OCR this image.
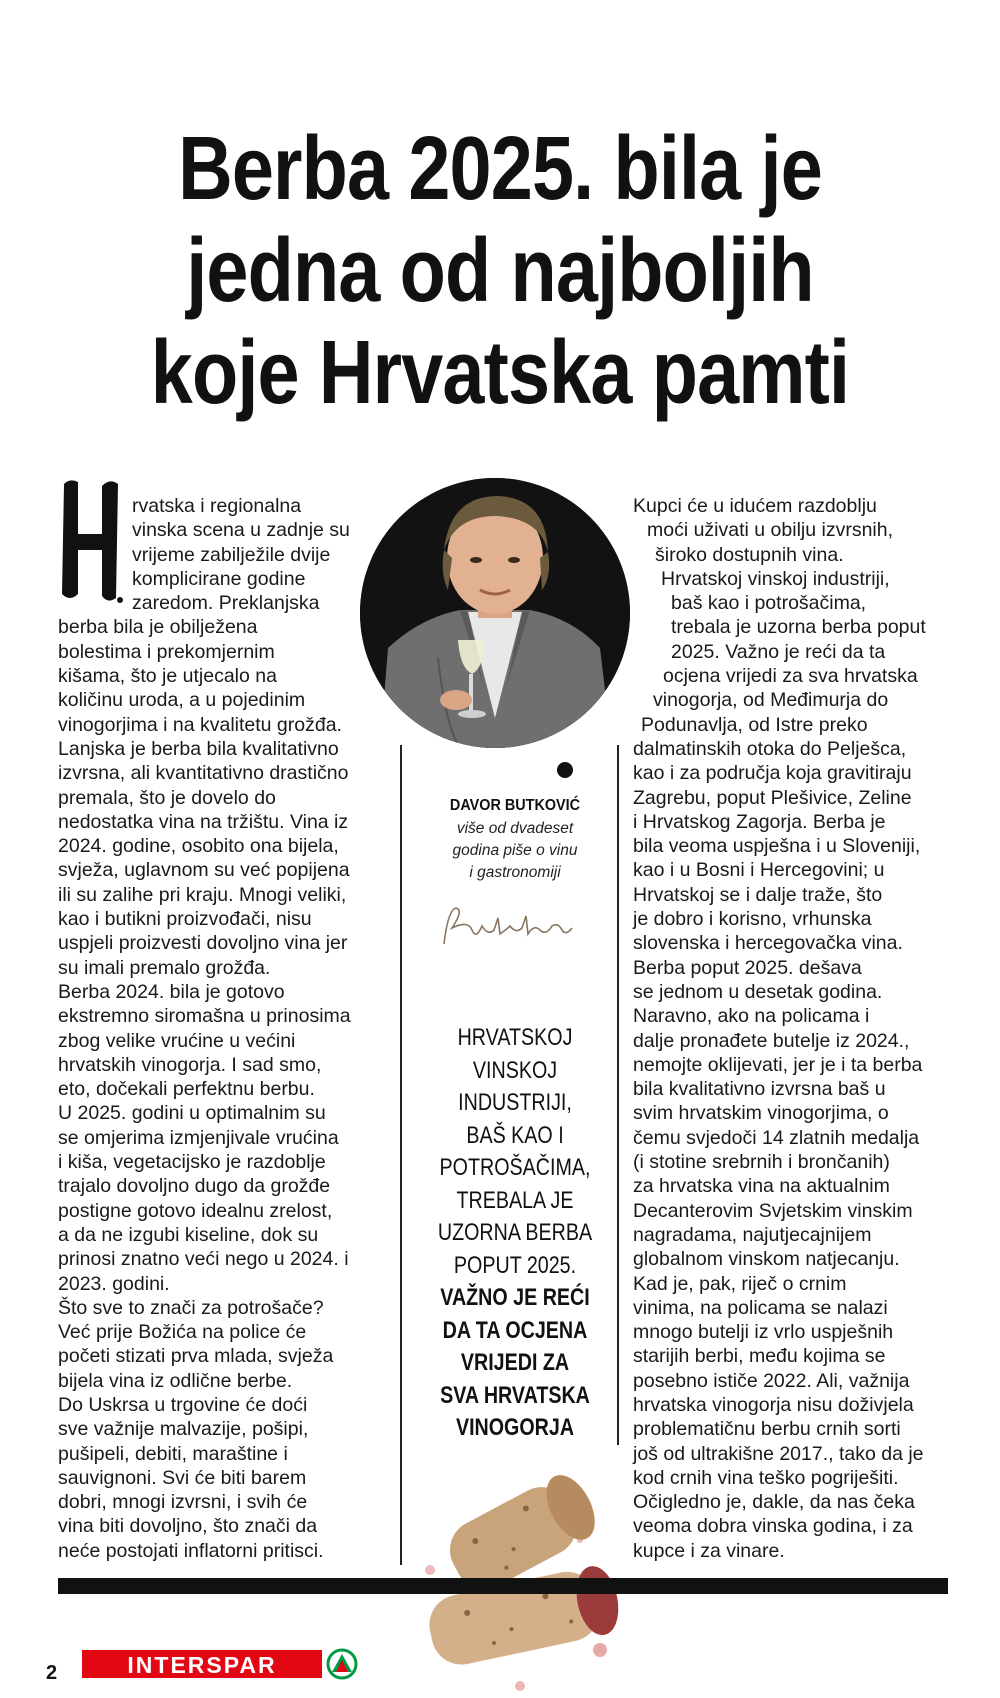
Berba 2025. bila je
jedna od najboljih
koje Hrvatska pamti
H
rvatska i regionalna
vinska scena u zadnje su
vrijeme zabilježile dvije
komplicirane godine
zaredom. Preklanjska
berba bila je obilježena
bolestima i prekomjernim
kišama, što je utjecalo na
količinu uroda, a u pojedinim
vinogorjima i na kvalitetu grožđa.
Lanjska je berba bila kvalitativno
izvrsna, ali kvantitativno drastično
premala, što je dovelo do
nedostatka vina na tržištu. Vina iz
2024. godine, osobito ona bijela,
svježa, uglavnom su već popijena
ili su zalihe pri kraju. Mnogi veliki,
kao i butikni proizvođači, nisu
uspjeli proizvesti dovoljno vina jer
su imali premalo grožđa.
Berba 2024. bila je gotovo
ekstremno siromašna u prinosima
zbog velike vrućine u većini
hrvatskih vinogorja. I sad smo,
eto, dočekali perfektnu berbu.
U 2025. godini u optimalnim su
se omjerima izmjenjivale vrućina
i kiša, vegetacijsko je razdoblje
trajalo dovoljno dugo da grožđe
postigne gotovo idealnu zrelost,
a da ne izgubi kiseline, dok su
prinosi znatno veći nego u 2024. i
2023. godini.
Što sve to znači za potrošače?
Već prije Božića na police će
početi stizati prva mlada, svježa
bijela vina iz odlične berbe.
Do Uskrsa u trgovine će doći
sve važnije malvazije, pošipi,
pušipeli, debiti, maraštine i
sauvignoni. Svi će biti barem
dobri, mnogi izvrsni, i svih će
vina biti dovoljno, što znači da
neće postojati inflatorni pritisci.
DAVOR BUTKOVIĆ
više od dvadeset
godina piše o vinu
i gastronomiji
HRVATSKOJ
VINSKOJ
INDUSTRIJI,
BAŠ KAO I
POTROŠAČIMA,
TREBALA JE
UZORNA BERBA
POPUT 2025.
VAŽNO JE REĆI
DA TA OCJENA
VRIJEDI ZA
SVA HRVATSKA
VINOGORJA
Kupci će u idućem razdoblju
moći uživati u obilju izvrsnih,
široko dostupnih vina.
Hrvatskoj vinskoj industriji,
baš kao i potrošačima,
trebala je uzorna berba poput
2025. Važno je reći da ta
ocjena vrijedi za sva hrvatska
vinogorja, od Međimurja do
Podunavlja, od Istre preko
dalmatinskih otoka do Pelješca,
kao i za područja koja gravitiraju
Zagrebu, poput Plešivice, Zeline
i Hrvatskog Zagorja. Berba je
bila veoma uspješna i u Sloveniji,
kao i u Bosni i Hercegovini; u
Hrvatskoj se i dalje traže, što
je dobro i korisno, vrhunska
slovenska i hercegovačka vina.
Berba poput 2025. dešava
se jednom u desetak godina.
Naravno, ako na policama i
dalje pronađete butelje iz 2024.,
nemojte oklijevati, jer je i ta berba
bila kvalitativno izvrsna baš u
svim hrvatskim vinogorjima, o
čemu svjedoči 14 zlatnih medalja
(i stotine srebrnih i brončanih)
za hrvatska vina na aktualnim
Decanterovim Svjetskim vinskim
nagradama, najutjecajnijem
globalnom vinskom natjecanju.
Kad je, pak, riječ o crnim
vinima, na policama se nalazi
mnogo butelji iz vrlo uspješnih
starijih berbi, među kojima se
posebno ističe 2022. Ali, važnija
hrvatska vinogorja nisu doživjela
problematičnu berbu crnih sorti
još od ultrakišne 2017., tako da je
kod crnih vina teško pogriješiti.
Očigledno je, dakle, da nas čeka
veoma dobra vinska godina, i za
kupce i za vinare.
2	INTERSPAR
